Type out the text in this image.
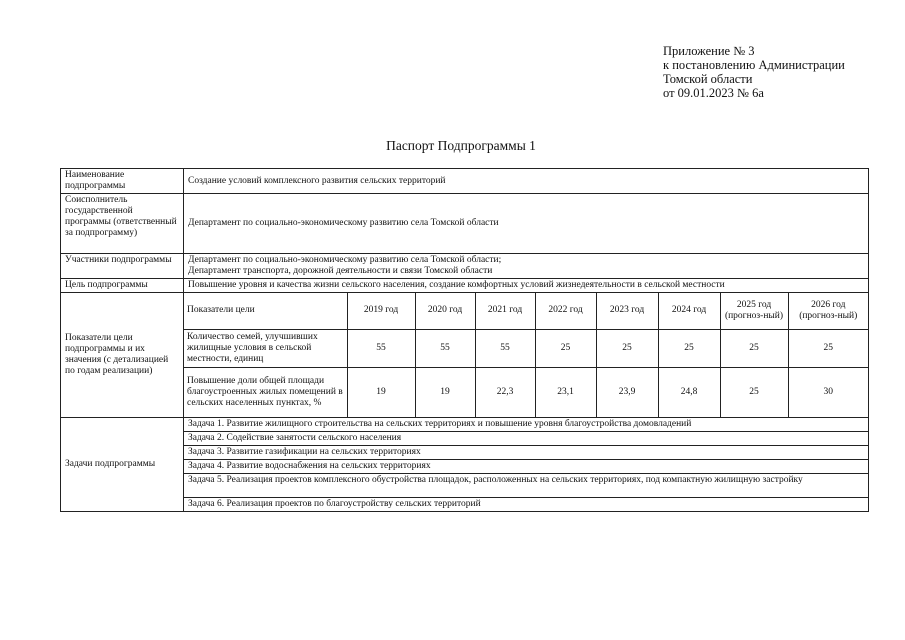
Приложение № 3
к постановлению Администрации
Томской области
от 09.01.2023 № 6а
Паспорт Подпрограммы 1
Наименование подпрограммы	Создание условий комплексного развития сельских территорий
Соисполнитель государственной программы (ответственный за подпрограмму)	Департамент по социально-экономическому развитию села Томской области
Участники подпрограммы	Департамент по социально-экономическому развитию села Томской области;
Департамент транспорта, дорожной деятельности и связи Томской области

Цель подпрограммы	Повышение уровня и качества жизни сельского населения, создание комфортных условий жизнедеятельности в сельской местности
Показатели цели подпрограммы и их значения (с детализацией по годам реализации)	
Показатели цели	2019 год	2020 год	2021 год	2022 год	2023 год	2024 год	2025 год (прогноз-ный)	2026 год (прогноз-ный)
Количество семей, улучшивших жилищные условия в сельской местности, единиц	55	55	55	25	25	25	25	25
Повышение доли общей площади благоустроенных жилых помещений в сельских населенных пунктах, %	19	19	22,3	23,1	23,9	24,8	25	30

Задачи подпрограммы	Задача 1. Развитие жилищного строительства на сельских территориях и повышение уровня благоустройства домовладений
Задача 2. Содействие занятости сельского населения
Задача 3. Развитие газификации на сельских территориях
Задача 4. Развитие водоснабжения на сельских территориях
Задача 5. Реализация проектов комплексного обустройства площадок, расположенных на сельских территориях, под компактную жилищную застройку
Задача 6. Реализация проектов по благоустройству сельских территорий
